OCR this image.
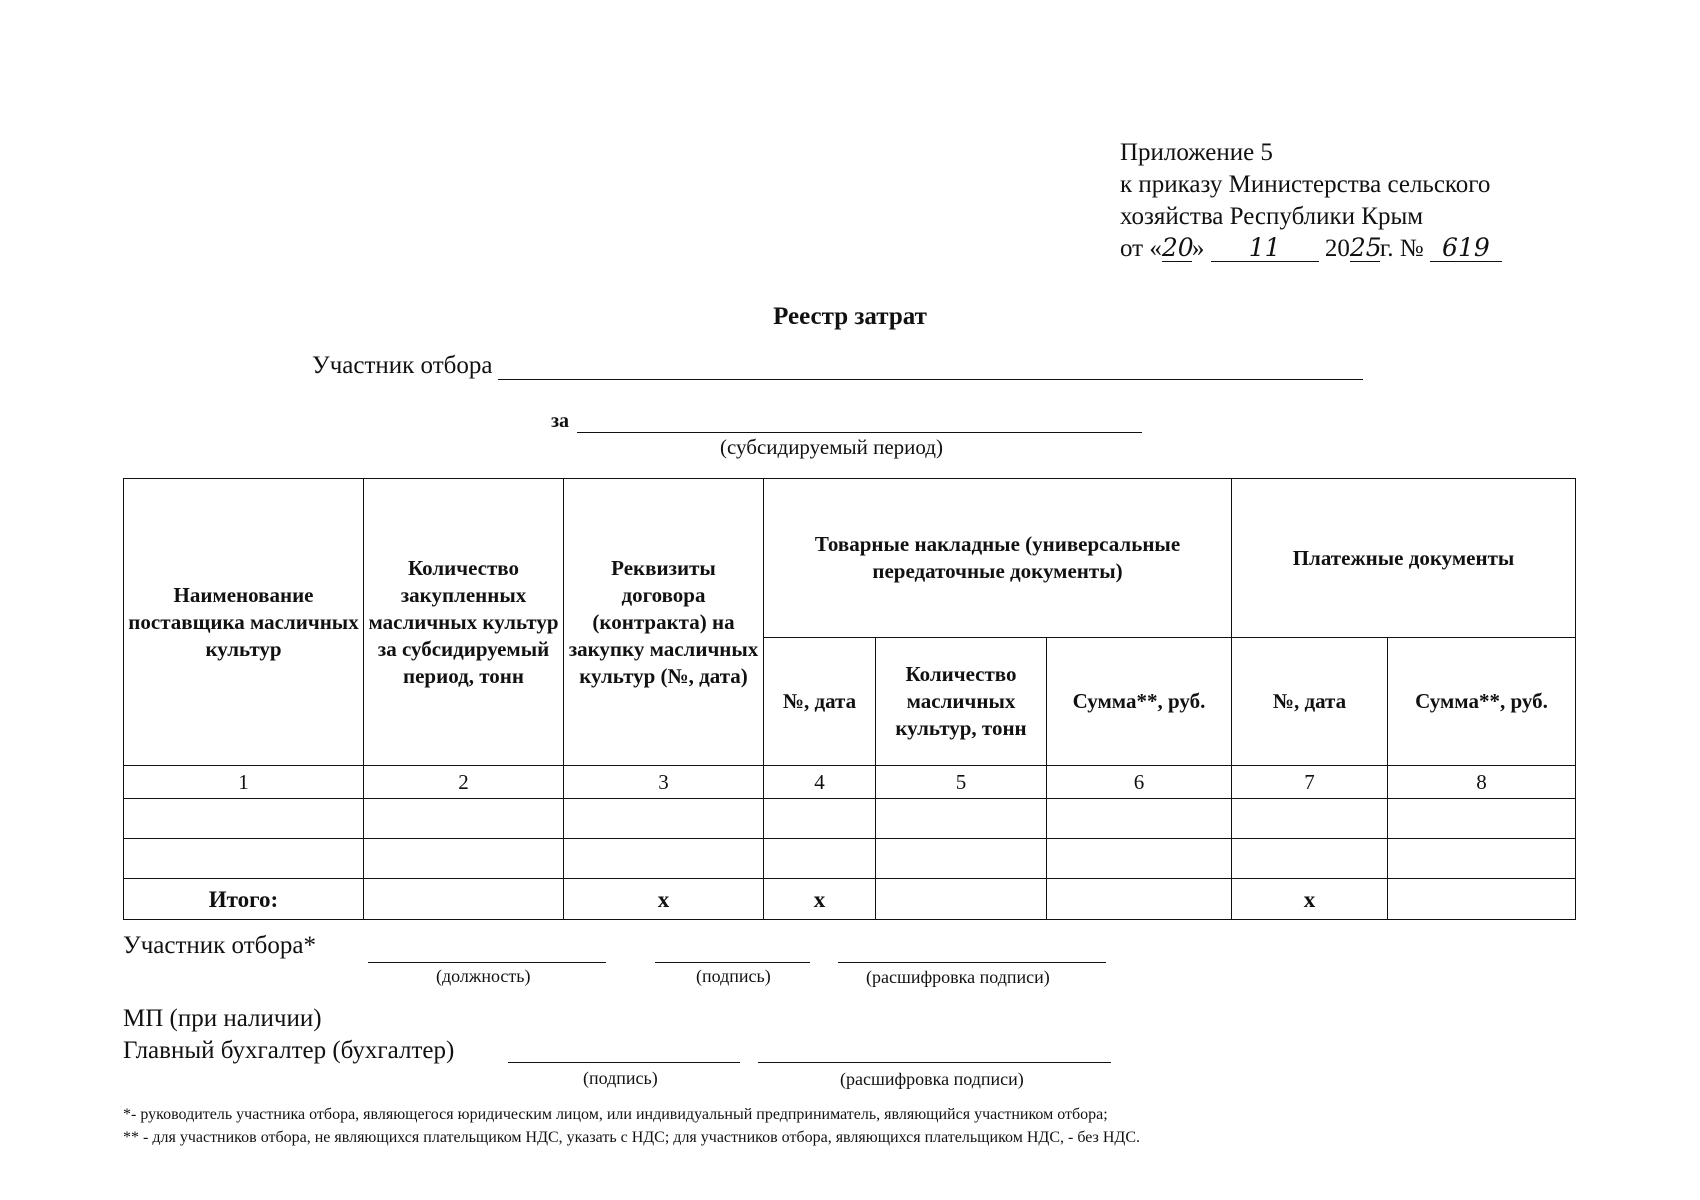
Приложение 5
к приказу Министерства сельского
хозяйства Республики Крым
от «20» 11 2025г. № 619
Реестр затрат
Участник отбора
за
(субсидируемый период)
Наименование поставщика масличных культур	Количество закупленных масличных культур за субсидируемый период, тонн	Реквизиты договора (контракта) на закупку масличных культур (№, дата)	Товарные накладные (универсальные передаточные документы)			Платежные документы	
			№, дата	Количество масличных культур, тонн	Сумма**, руб.	№, дата	Сумма**, руб.
1	2	3	4	5	6	7	8

Итого:		х	х			х	
Участник отбора*
(должность)	(подпись)	(расшифровка подписи)
МП (при наличии)
Главный бухгалтер (бухгалтер)
(подпись)	(расшифровка подписи)
*- руководитель участника отбора, являющегося юридическим лицом, или индивидуальный предприниматель, являющийся участником отбора;
** - для участников отбора, не являющихся плательщиком НДС, указать с НДС; для участников отбора, являющихся плательщиком НДС, - без НДС.
